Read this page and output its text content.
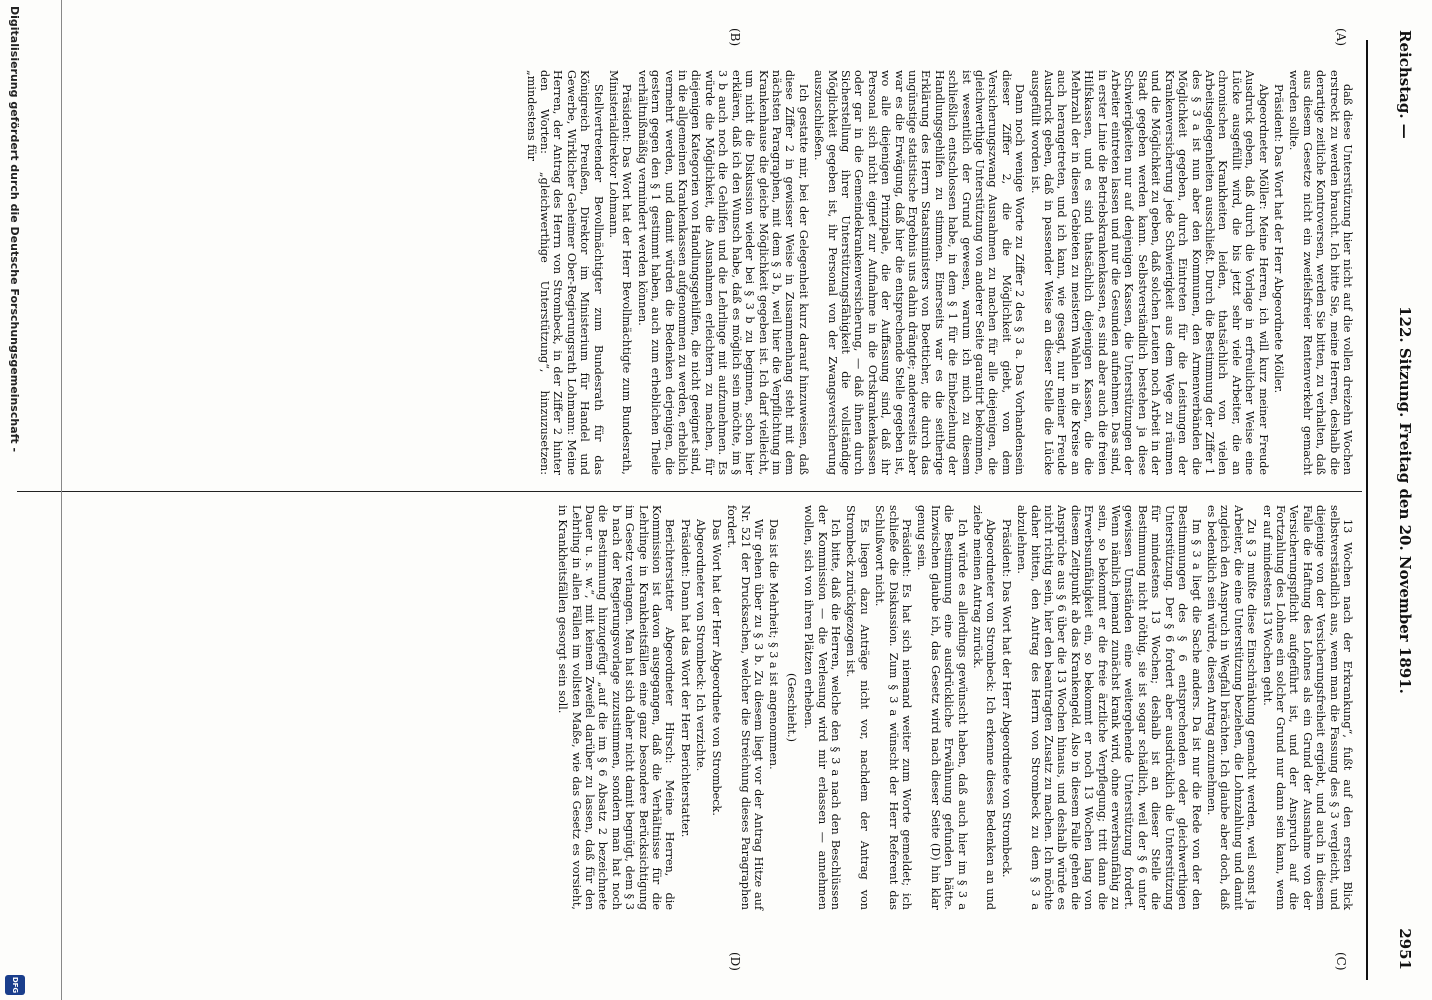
Reichstag. —
122. Sitzung. Freitag den 20. November 1891.
2951
(A)
(B)
(C)
(D)

daß diese Unterstützung hier nicht auf die vollen dreizehn Wochen erstreckt zu werden braucht. Ich bitte Sie, meine Herren, deshalb die derartige zeitliche Kontroversen, werden Sie bitten, zu verhalten, daß aus diesem Gesetze nicht ein zweifelsfreier Rentenverkehr gemacht werden sollte.

Präsident: Das Wort hat der Herr Abgeordnete Möller.

Abgeordneter Möller: Meine Herren, ich will kurz meiner Freude Ausdruck geben, daß durch die Vorlage in erfreulicher Weise eine Lücke ausgefüllt wird, die bis jetzt sehr viele Arbeiter, die an chronischen Krankheiten leiden, thatsächlich von vielen Arbeitsgelegenheiten ausschließt. Durch die Bestimmung der Ziffer 1 des § 3 a ist nun aber den Kommunen, den Armenverbänden die Möglichkeit gegeben, durch Eintreten für die Leistungen der Krankenversicherung jede Schwierigkeit aus dem Wege zu räumen und die Möglichkeit zu geben, daß solchen Leuten noch Arbeit in der Stadt gegeben werden kann. Selbstverständlich bestehen ja diese Schwierigkeiten nur auf denjenigen Kassen, die Unterstützungen der Arbeiter eintreten lassen und nur die Gesunden aufnehmen. Das sind, in erster Linie die Betriebskrankenkassen, es sind aber auch die freien Hilfskassen, und es sind thatsächlich diejenigen Kassen, die die Mehrzahl der in diesen Gebieten zu meistern Wahlen in die Kreise an auch herangetreten, und ich kann, wie gesagt, nur meiner Freude Ausdruck geben, daß in passender Weise an dieser Stelle die Lücke ausgefüllt worden ist.

Dann noch wenige Worte zu Ziffer 2 des § 3 a. Das Vorhandensein dieser Ziffer 2, die die Möglichkeit giebt, von dem Versicherungszwang Ausnahmen zu machen für alle diejenigen, die gleichwerthige Unterstützung von anderer Seite garantirt bekommen, ist wesentlich der Grund gewesen, warum ich mich zu diesem schließlich entschlossen habe, in dem § 1 für die Einbeziehung der Handlungsgehilfen zu stimmen. Einerseits war es die seitherige Erklärung des Herrn Staatsministers von Boetticher, die durch das ungünstige statistische Ergebnis uns dahin drängte; andererseits aber war es die Erwägung, daß hier die entsprechende Stelle gegeben ist, wo alle diejenigen Prinzipale, die der Auffassung sind, daß ihr Personal sich nicht eignet zur Aufnahme in die Ortskrankenkassen oder gar in die Gemeindekrankenversicherung, — daß ihnen durch Sicherstellung ihrer Unterstützungsfähigkeit die vollständige Möglichkeit gegeben ist, ihr Personal von der Zwangsversicherung auszuschließen.

Ich gestatte mir, bei der Gelegenheit kurz darauf hinzuweisen, daß diese Ziffer 2 in gewisser Weise in Zusammenhang steht mit dem nächsten Paragraphen, mit dem § 3 b, weil hier die Verpflichtung im Krankenhause die gleiche Möglichkeit gegeben ist. Ich darf vielleicht, um nicht die Diskussion wieder bei § 3 b zu beginnen, schon hier erklären, daß ich den Wunsch habe, daß es möglich sein möchte, im § 3 b auch noch die Gehilfen und die Lehrlinge mit aufzunehmen. Es würde die Möglichkeit, die Ausnahmen erleichtern zu machen, für diejenigen Kategorien von Handlungsgehilfen, die nicht geeignet sind, in die allgemeinen Krankenkassen aufgenommen zu werden, erheblich vermehrt werden, und damit würden die Bedenken derjenigen, die gestern gegen den § 1 gestimmt haben, auch zum erheblichen Theile verhältnißmäßig vermindert werden können.

Präsident: Das Wort hat der Herr Bevollmächtigte zum Bundesrath, Ministerialdirektor Lohmann.

Stellvertretender Bevollmächtigter zum Bundesrath für das Königreich Preußen, Direktor im Ministerium für Handel und Gewerbe, Wirklicher Geheimer Ober-Regierungsrath Lohmann: Meine Herren, der Antrag des Herrn von Strombeck, in der Ziffer 2 hinter den Worten: „gleichwerthige Unterstützung“, hinzuzusetzen: „mindestens für

13 Wochen nach der Erkrankung“, fußt auf den ersten Blick selbstverständlich aus, wenn man die Fassung des § 3 vergleicht, und diejenige von der Versicherungsfreiheit ergiebt, und auch in diesem Falle die Haftung des Lohnes als ein Grund der Ausnahme von der Versicherungspflicht aufgeführt ist, und der Anspruch auf die Fortzahlung des Lohnes ein solcher Grund nur dann sein kann, wenn er auf mindestens 13 Wochen geht.

Zu § 3 mußte diese Einschränkung gemacht werden, weil sonst ja Arbeiter, die eine Unterstützung beziehen, die Lohnzahlung und damit zugleich den Anspruch in Wegfall brächten. Ich glaube aber doch, daß es bedenklich sein würde, diesen Antrag anzunehmen.

Im § 3 a liegt die Sache anders. Da ist nur die Rede von der den Bestimmungen des § 6 entsprechenden oder gleichwerthigen Unterstützung. Der § 6 fordert aber ausdrücklich die Unterstützung für mindestens 13 Wochen; deshalb ist an dieser Stelle die Bestimmung nicht nöthig, sie ist sogar schädlich, weil der § 6 unter gewissen Umständen eine weitergehende Unterstützung fordert. Wenn nämlich jemand zunächst krank wird, ohne erwerbsunfähig zu sein, so bekommt er die freie ärztliche Verpflegung; tritt dann die Erwerbsunfähigkeit ein, so bekommt er noch 13 Wochen lang von diesem Zeitpunkt ab das Krankengeld. Also in diesem Falle gehen die Ansprüche aus § 6 über die 13 Wochen hinaus, und deshalb würde es nicht richtig sein, hier den beantragten Zusatz zu machen. Ich möchte daher bitten, den Antrag des Herrn von Strombeck zu dem § 3 a abzulehnen.

Präsident: Das Wort hat der Herr Abgeordnete von Strombeck.

Abgeordneter von Strombeck: Ich erkenne dieses Bedenken an und ziehe meinen Antrag zurück.

Ich würde es allerdings gewünscht haben, daß auch hier im § 3 a die Bestimmung eine ausdrückliche Erwähnung gefunden hätte. Inzwischen glaube ich, das Gesetz wird nach dieser Seite (D) hin klar genug sein.

Präsident: Es hat sich niemand weiter zum Worte gemeldet; ich schließe die Diskussion. Zum § 3 a wünscht der Herr Referent das Schlußwort nicht.

Es liegen dazu Anträge nicht vor, nachdem der Antrag von Strombeck zurückgezogen ist.

Ich bitte, daß die Herren, welche den § 3 a nach den Beschlüssen der Kommission — die Verlesung wird mir erlassen — annehmen wollen, sich von ihren Plätzen erheben.

(Geschieht.)

Das ist die Mehrheit; § 3 a ist angenommen.

Wir gehen über zu § 3 b. Zu diesem liegt vor der Antrag Hitze auf Nr. 521 der Drucksachen, welcher die Streichung dieses Paragraphen fordert.

Das Wort hat der Herr Abgeordnete von Strombeck.

Abgeordneter von Strombeck: Ich verzichte.

Präsident: Dann hat das Wort der Herr Berichterstatter.

Berichterstatter Abgeordneter Hirsch: Meine Herren, die Kommission ist davon ausgegangen, daß die Verhältnisse für die Lehrlinge in Krankheitsfällen eine ganz besondere Berücksichtigung im Gesetz verlangen. Man hat sich daher nicht damit begnügt, dem § 3 b nach der Regierungsvorlage zuzustimmen, sondern man hat noch die Bestimmung hinzugefügt „auf die im § 6 Absatz 2 bezeichnete Dauer u. s. w.“, mit keinem Zweifel darüber zu lassen, daß für den Lehrling in allen Fällen im vollsten Maße, wie das Gesetz es vorsieht, in Krankheitsfällen gesorgt sein soll.

Digitalisierung gefördert durch die Deutsche Forschungsgemeinschaft -
DFG
